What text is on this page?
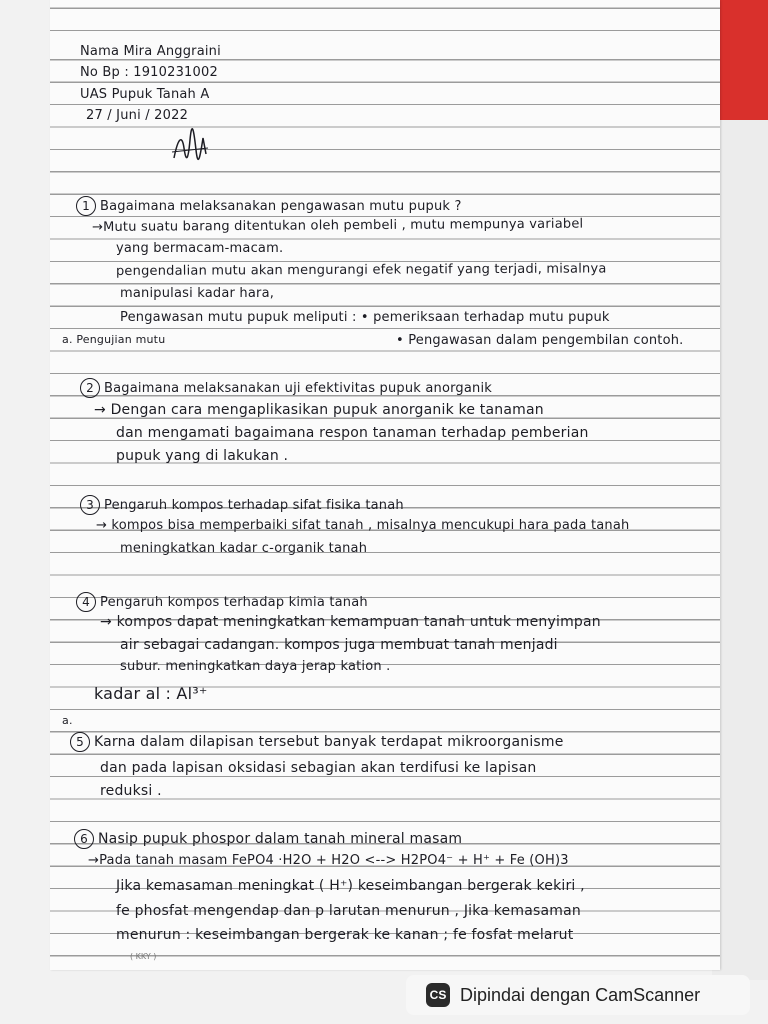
Nama Mira Anggraini

No Bp : 1910231002

UAS Pupuk Tanah A

27 / Juni / 2022

1 Bagaimana melaksanakan pengawasan mutu pupuk ?

→Mutu suatu barang ditentukan oleh pembeli , mutu mempunya variabel

yang bermacam-macam.

pengendalian mutu akan mengurangi efek negatif yang terjadi, misalnya

manipulasi kadar hara,

Pengawasan mutu pupuk meliputi : • pemeriksaan terhadap mutu pupuk

a. Pengujian mutu	• Pengawasan dalam pengembilan contoh.

2 Bagaimana melaksanakan uji efektivitas pupuk anorganik

→ Dengan cara mengaplikasikan pupuk anorganik ke tanaman

dan mengamati bagaimana respon tanaman terhadap pemberian

pupuk yang di lakukan .

3 Pengaruh kompos terhadap sifat fisika tanah

→ kompos bisa memperbaiki sifat tanah , misalnya mencukupi hara pada tanah

meningkatkan kadar c-organik tanah

4 Pengaruh kompos terhadap kimia tanah

→ kompos dapat meningkatkan kemampuan tanah untuk menyimpan

air sebagai cadangan. kompos juga membuat tanah menjadi

subur. meningkatkan daya jerap kation .

kadar al : Al³⁺

a.

5 Karna dalam dilapisan tersebut banyak terdapat mikroorganisme

dan pada lapisan oksidasi sebagian akan terdifusi ke lapisan

reduksi .

6 Nasip pupuk phospor dalam tanah mineral masam

→Pada tanah masam FePO4 ·H2O + H2O <--> H2PO4⁻ + H⁺ + Fe (OH)3

Jika kemasaman meningkat ( H⁺) keseimbangan bergerak kekiri ,

fe phosfat mengendap dan p larutan menurun , Jika kemasaman

menurun : keseimbangan bergerak ke kanan ; fe fosfat melarut

( KKY )
CS Dipindai dengan CamScanner
